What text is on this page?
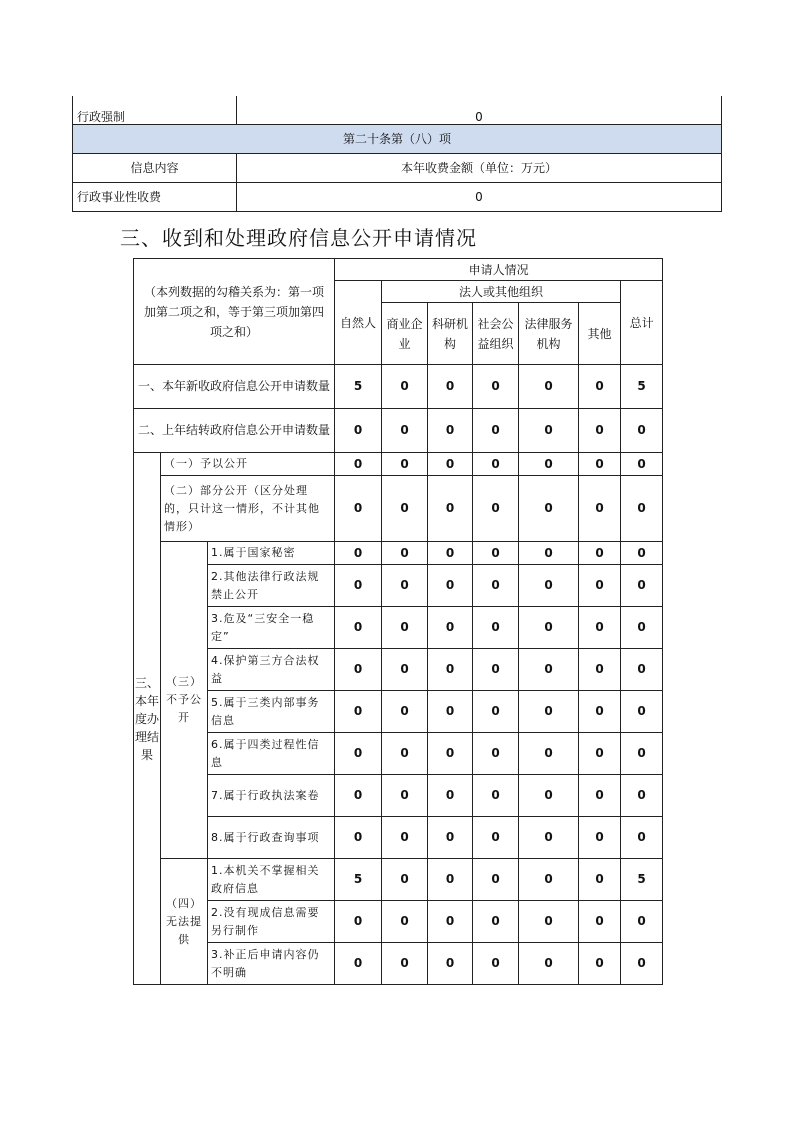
行政强制	0
第二十条第（八）项	
信息内容	本年收费金额（单位：万元）
行政事业性收费	0
三、收到和处理政府信息公开申请情况
（本列数据的勾稽关系为：第一项加第二项之和，等于第三项加第四项之和）			申请人情况						
			自然人	法人或其他组织					总计
				商业企业	科研机构	社会公益组织	法律服务机构	其他	
一、本年新收政府信息公开申请数量			5	0	0	0	0	0	5
二、上年结转政府信息公开申请数量			0	0	0	0	0	0	0
三、本年度办理结果	（一）予以公开		0	0	0	0	0	0	0
	（二）部分公开（区分处理的，只计这一情形，不计其他情形）		0	0	0	0	0	0	0
	（三）不予公开	1.属于国家秘密	0	0	0	0	0	0	0
		2.其他法律行政法规禁止公开	0	0	0	0	0	0	0
		3.危及“三安全一稳定”	0	0	0	0	0	0	0
		4.保护第三方合法权益	0	0	0	0	0	0	0
		5.属于三类内部事务信息	0	0	0	0	0	0	0
		6.属于四类过程性信息	0	0	0	0	0	0	0
		7.属于行政执法案卷	0	0	0	0	0	0	0
		8.属于行政查询事项	0	0	0	0	0	0	0
	（四）无法提供	1.本机关不掌握相关政府信息	5	0	0	0	0	0	5
		2.没有现成信息需要另行制作	0	0	0	0	0	0	0
		3.补正后申请内容仍不明确	0	0	0	0	0	0	0
